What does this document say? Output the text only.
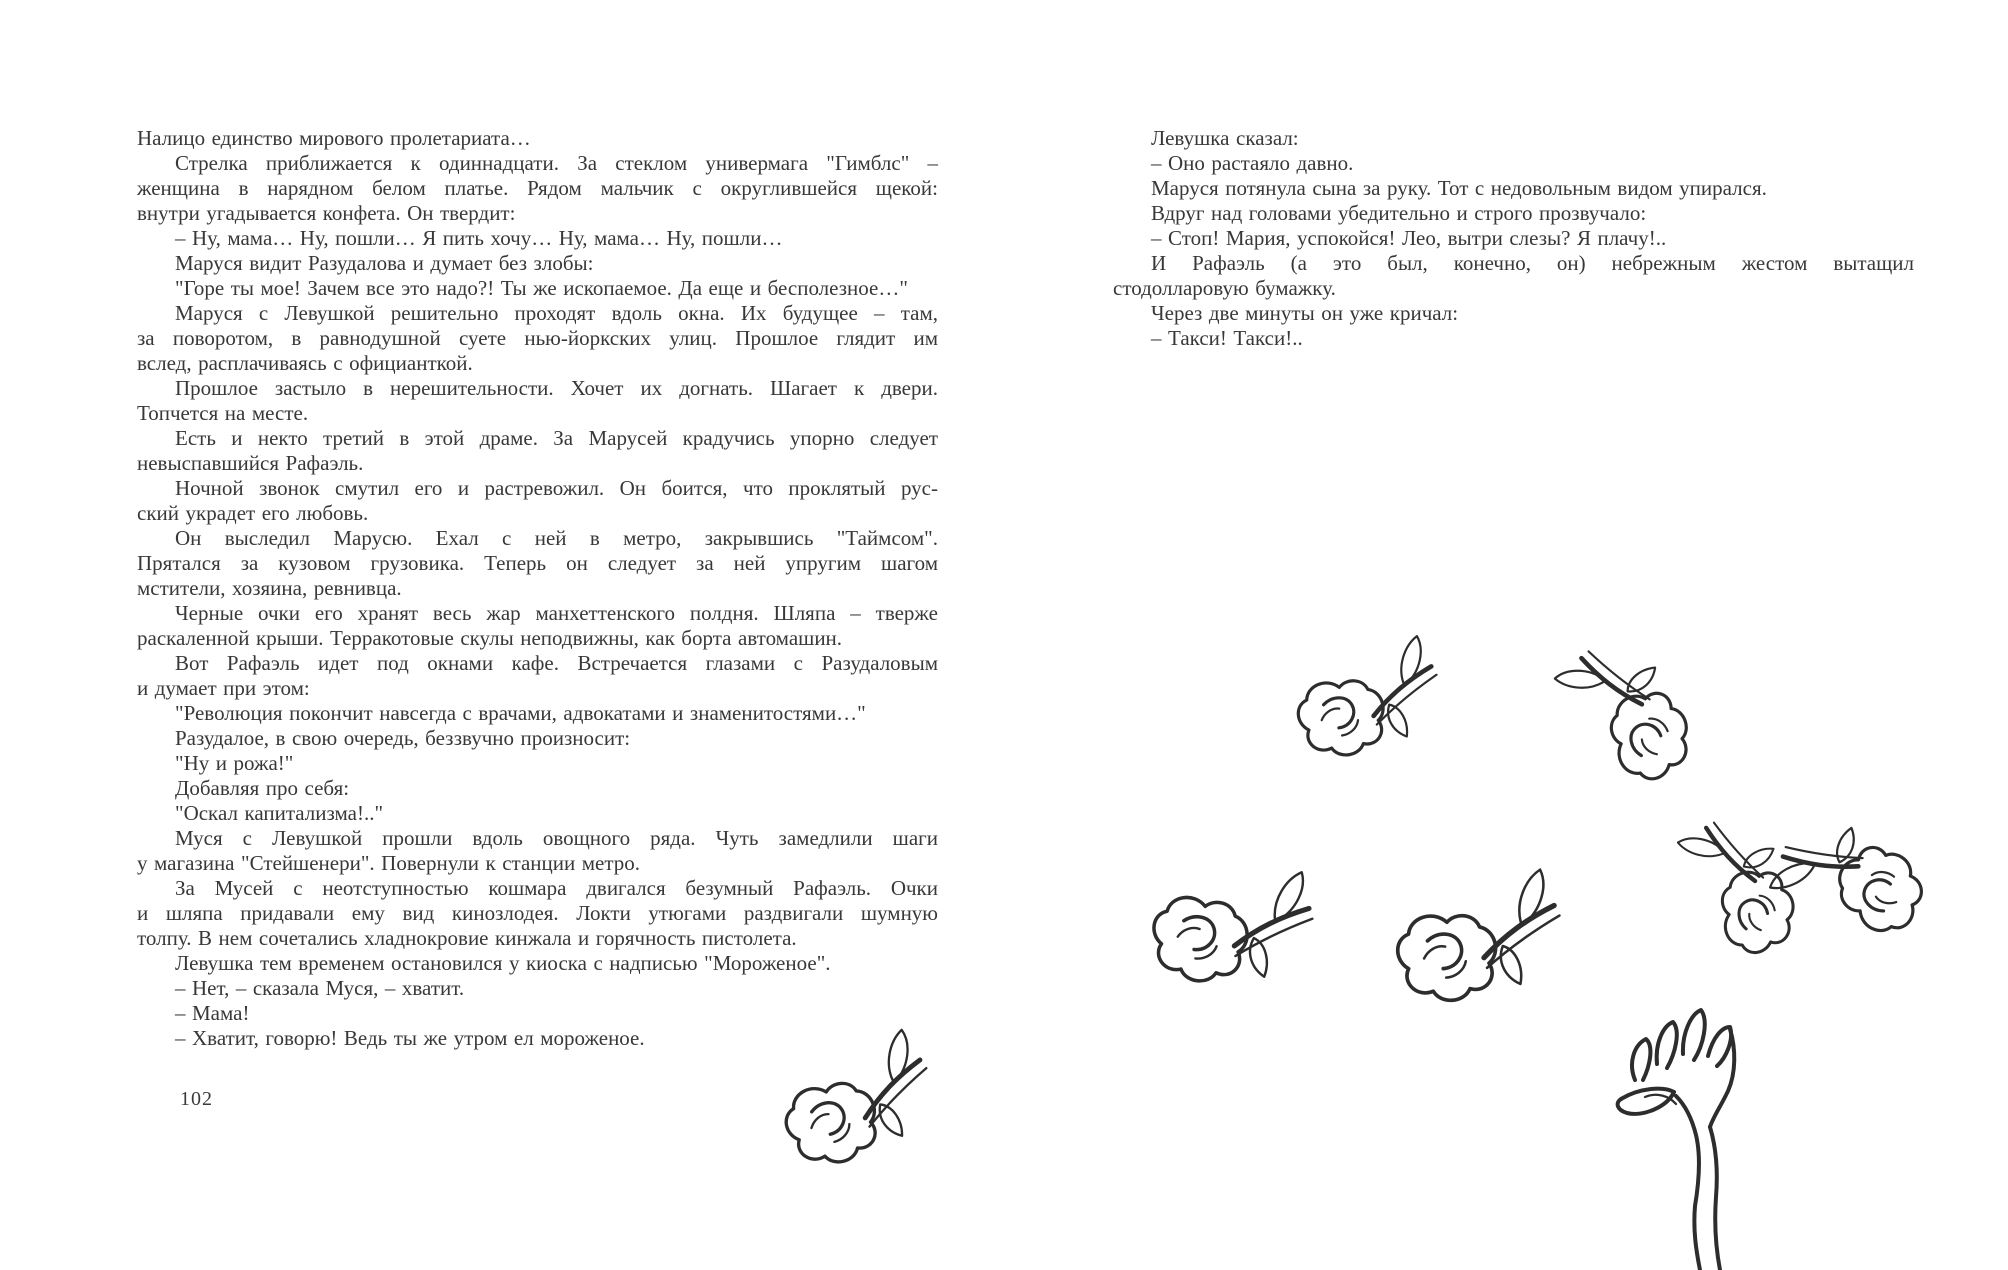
Налицо единство мирового пролетариата…
Стрелка приближается к одиннадцати. За стеклом универмага "Гимблс" –
женщина в нарядном белом платье. Рядом мальчик с округлившейся щекой:
внутри угадывается конфета. Он твердит:
– Ну, мама… Ну, пошли… Я пить хочу… Ну, мама… Ну, пошли…
Маруся видит Разудалова и думает без злобы:
"Горе ты мое! Зачем все это надо?! Ты же ископаемое. Да еще и бесполезное…"
Маруся с Левушкой решительно проходят вдоль окна. Их будущее – там,
за поворотом, в равнодушной суете нью-йоркских улиц. Прошлое глядит им
вслед, расплачиваясь с официанткой.
Прошлое застыло в нерешительности. Хочет их догнать. Шагает к двери.
Топчется на месте.
Есть и некто третий в этой драме. За Марусей крадучись упорно следует
невыспавшийся Рафаэль.
Ночной звонок смутил его и растревожил. Он боится, что проклятый рус-
ский украдет его любовь.
Он выследил Марусю. Ехал с ней в метро, закрывшись "Таймсом".
Прятался за кузовом грузовика. Теперь он следует за ней упругим шагом
мстители, хозяина, ревнивца.
Черные очки его хранят весь жар манхеттенского полдня. Шляпа – тверже
раскаленной крыши. Терракотовые скулы неподвижны, как борта автомашин.
Вот Рафаэль идет под окнами кафе. Встречается глазами с Разудаловым
и думает при этом:
"Революция покончит навсегда с врачами, адвокатами и знаменитостями…"
Разудалое, в свою очередь, беззвучно произносит:
"Ну и рожа!"
Добавляя про себя:
"Оскал капитализма!.."
Муся с Левушкой прошли вдоль овощного ряда. Чуть замедлили шаги
у магазина "Стейшенери". Повернули к станции метро.
За Мусей с неотступностью кошмара двигался безумный Рафаэль. Очки
и шляпа придавали ему вид кинозлодея. Локти утюгами раздвигали шумную
толпу. В нем сочетались хладнокровие кинжала и горячность пистолета.
Левушка тем временем остановился у киоска с надписью "Мороженое".
– Нет, – сказала Муся, – хватит.
– Мама!
– Хватит, говорю! Ведь ты же утром ел мороженое.
Левушка сказал:
– Оно растаяло давно.
Маруся потянула сына за руку. Тот с недовольным видом упирался.
Вдруг над головами убедительно и строго прозвучало:
– Стоп! Мария, успокойся! Лео, вытри слезы? Я плачу!..
И Рафаэль (а это был, конечно, он) небрежным жестом вытащил
стодолларовую бумажку.
Через две минуты он уже кричал:
– Такси! Такси!..
102
